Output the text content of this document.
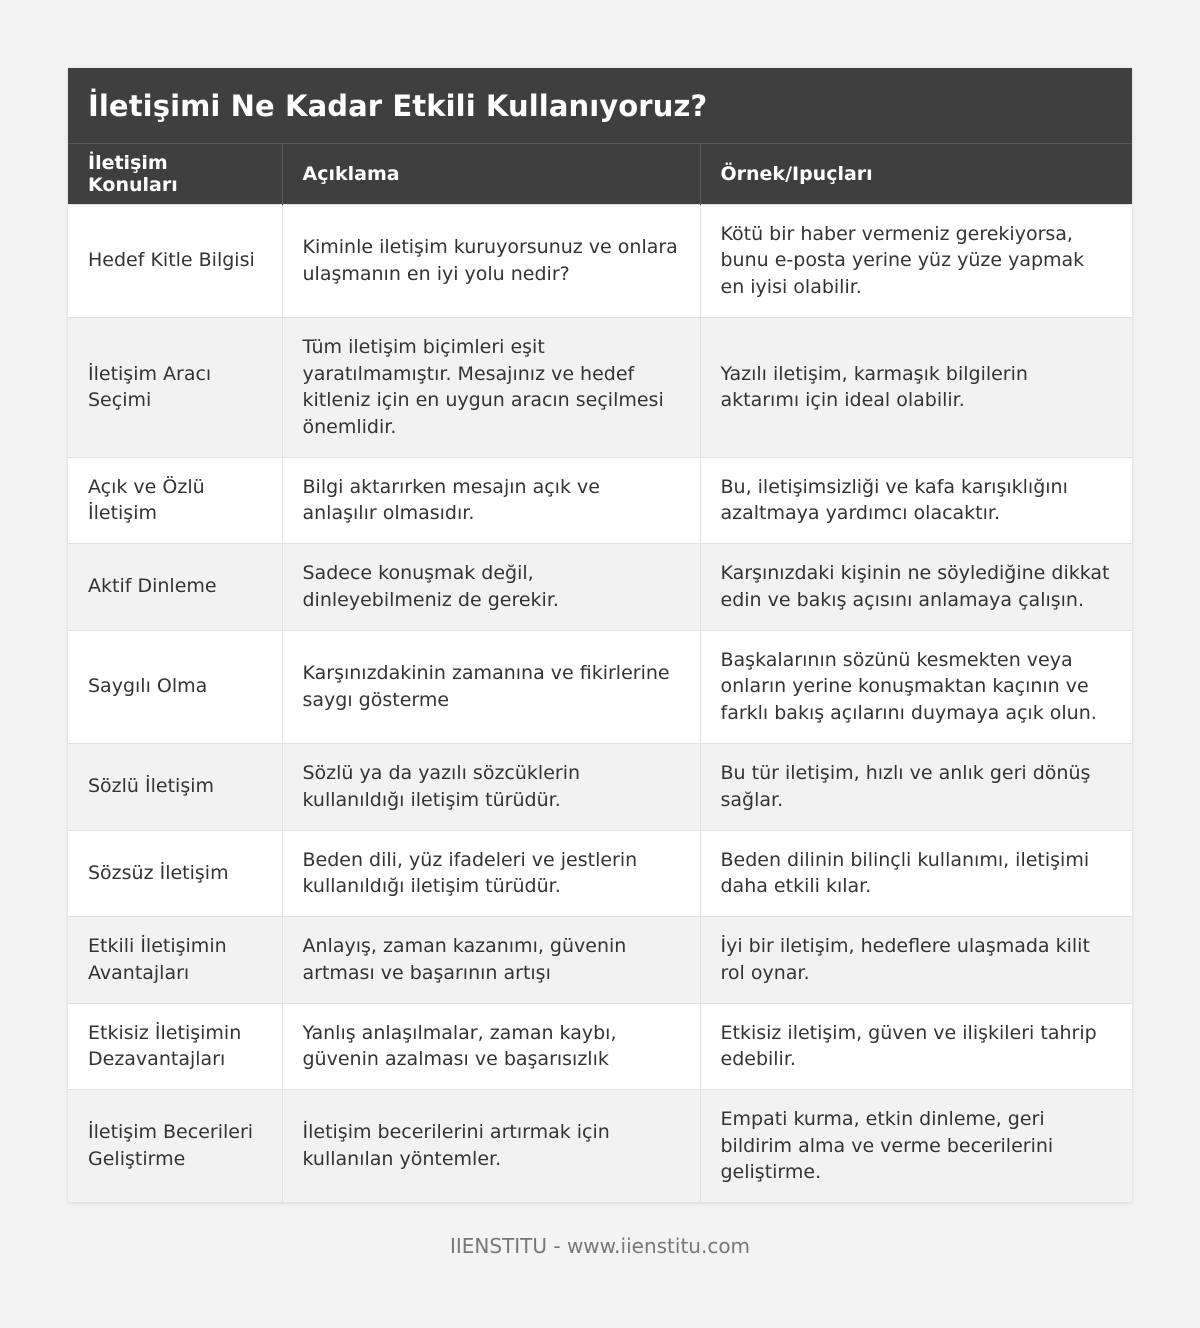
İletişimi Ne Kadar Etkili Kullanıyoruz?
İletişim Konuları	Açıklama	Örnek/Ipuçları
Hedef Kitle Bilgisi	Kiminle iletişim kuruyorsunuz ve onlara ulaşmanın en iyi yolu nedir?	Kötü bir haber vermeniz gerekiyorsa, bunu e-posta yerine yüz yüze yapmak en iyisi olabilir.
İletişim Aracı Seçimi	Tüm iletişim biçimleri eşit yaratılmamıştır. Mesajınız ve hedef kitleniz için en uygun aracın seçilmesi önemlidir.	Yazılı iletişim, karmaşık bilgilerin aktarımı için ideal olabilir.
Açık ve Özlü İletişim	Bilgi aktarırken mesajın açık ve anlaşılır olmasıdır.	Bu, iletişimsizliği ve kafa karışıklığını azaltmaya yardımcı olacaktır.
Aktif Dinleme	Sadece konuşmak değil, dinleyebilmeniz de gerekir.	Karşınızdaki kişinin ne söylediğine dikkat edin ve bakış açısını anlamaya çalışın.
Saygılı Olma	Karşınızdakinin zamanına ve fikirlerine saygı gösterme	Başkalarının sözünü kesmekten veya onların yerine konuşmaktan kaçının ve farklı bakış açılarını duymaya açık olun.
Sözlü İletişim	Sözlü ya da yazılı sözcüklerin kullanıldığı iletişim türüdür.	Bu tür iletişim, hızlı ve anlık geri dönüş sağlar.
Sözsüz İletişim	Beden dili, yüz ifadeleri ve jestlerin kullanıldığı iletişim türüdür.	Beden dilinin bilinçli kullanımı, iletişimi daha etkili kılar.
Etkili İletişimin Avantajları	Anlayış, zaman kazanımı, güvenin artması ve başarının artışı	İyi bir iletişim, hedeflere ulaşmada kilit rol oynar.
Etkisiz İletişimin Dezavantajları	Yanlış anlaşılmalar, zaman kaybı, güvenin azalması ve başarısızlık	Etkisiz iletişim, güven ve ilişkileri tahrip edebilir.
İletişim Becerileri Geliştirme	İletişim becerilerini artırmak için kullanılan yöntemler.	Empati kurma, etkin dinleme, geri bildirim alma ve verme becerilerini geliştirme.
IIENSTITU - www.iienstitu.com
